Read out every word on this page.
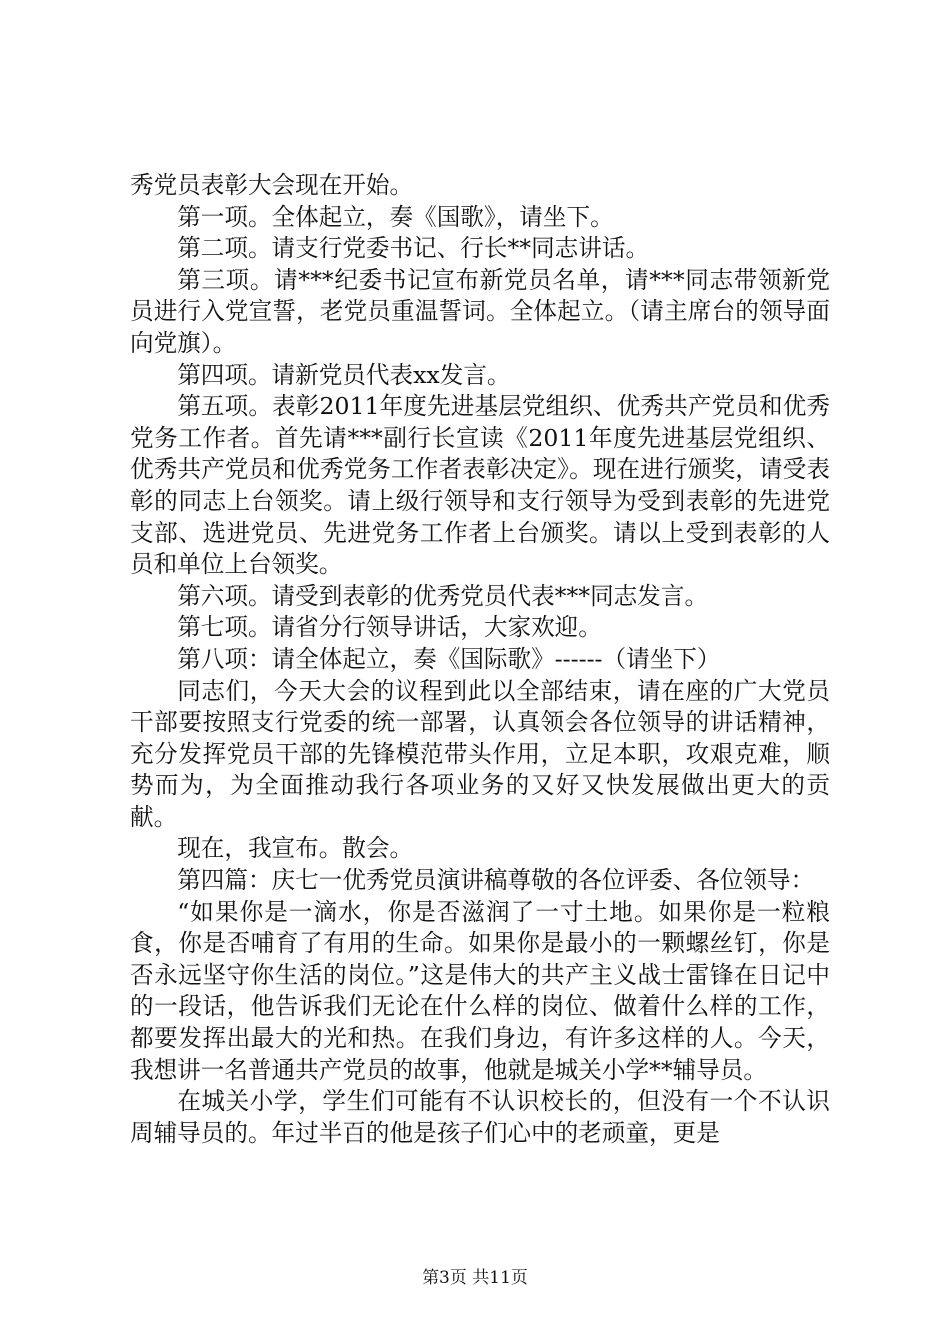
秀党员表彰大会现在开始。

第一项。全体起立，奏《国歌》，请坐下。

第二项。请支行党委书记、行长**同志讲话。

第三项。请***纪委书记宣布新党员名单，请***同志带领新党员进行入党宣誓，老党员重温誓词。全体起立。（请主席台的领导面向党旗）。

第四项。请新党员代表xx发言。

第五项。表彰2011年度先进基层党组织、优秀共产党员和优秀党务工作者。首先请***副行长宣读《2011年度先进基层党组织、优秀共产党员和优秀党务工作者表彰决定》。现在进行颁奖，请受表彰的同志上台领奖。请上级行领导和支行领导为受到表彰的先进党支部、选进党员、先进党务工作者上台颁奖。请以上受到表彰的人员和单位上台领奖。

第六项。请受到表彰的优秀党员代表***同志发言。

第七项。请省分行领导讲话，大家欢迎。

第八项：请全体起立，奏《国际歌》------（请坐下）

同志们，今天大会的议程到此以全部结束，请在座的广大党员干部要按照支行党委的统一部署，认真领会各位领导的讲话精神，充分发挥党员干部的先锋模范带头作用，立足本职，攻艰克难，顺势而为，为全面推动我行各项业务的又好又快发展做出更大的贡献。

现在，我宣布。散会。

第四篇：庆七一优秀党员演讲稿尊敬的各位评委、各位领导：

“如果你是一滴水，你是否滋润了一寸土地。如果你是一粒粮食，你是否哺育了有用的生命。如果你是最小的一颗螺丝钉，你是否永远坚守你生活的岗位。”这是伟大的共产主义战士雷锋在日记中的一段话，他告诉我们无论在什么样的岗位、做着什么样的工作，都要发挥出最大的光和热。在我们身边，有许多这样的人。今天，我想讲一名普通共产党员的故事，他就是城关小学**辅导员。

在城关小学，学生们可能有不认识校长的，但没有一个不认识周辅导员的。年过半百的他是孩子们心中的老顽童，更是

第3页 共11页
